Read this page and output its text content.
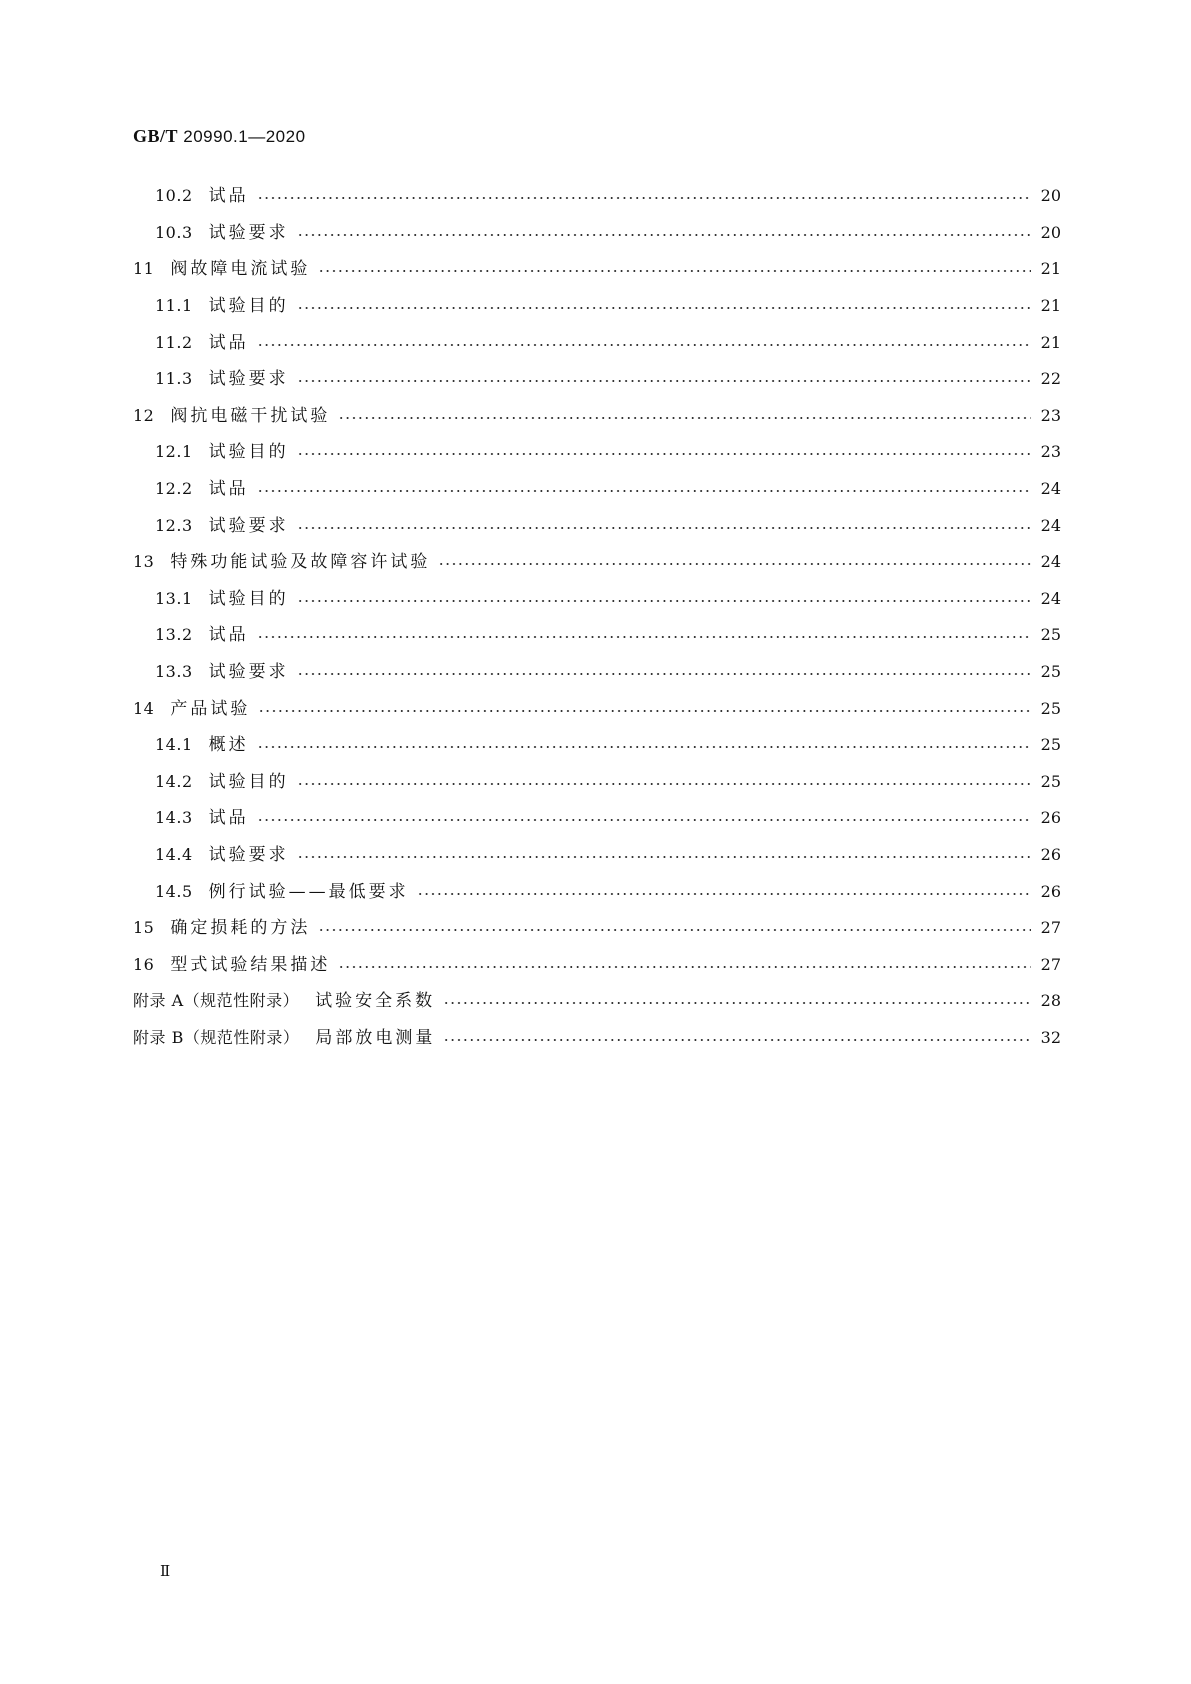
GB/T 20990.1—2020
10.2 试品	20
10.3 试验要求	20
11 阀故障电流试验	21
11.1 试验目的	21
11.2 试品	21
11.3 试验要求	22
12 阀抗电磁干扰试验	23
12.1 试验目的	23
12.2 试品	24
12.3 试验要求	24
13 特殊功能试验及故障容许试验	24
13.1 试验目的	24
13.2 试品	25
13.3 试验要求	25
14 产品试验	25
14.1 概述	25
14.2 试验目的	25
14.3 试品	26
14.4 试验要求	26
14.5 例行试验——最低要求	26
15 确定损耗的方法	27
16 型式试验结果描述	27
附录 A（规范性附录） 试验安全系数	28
附录 B（规范性附录） 局部放电测量	32
Ⅱ
